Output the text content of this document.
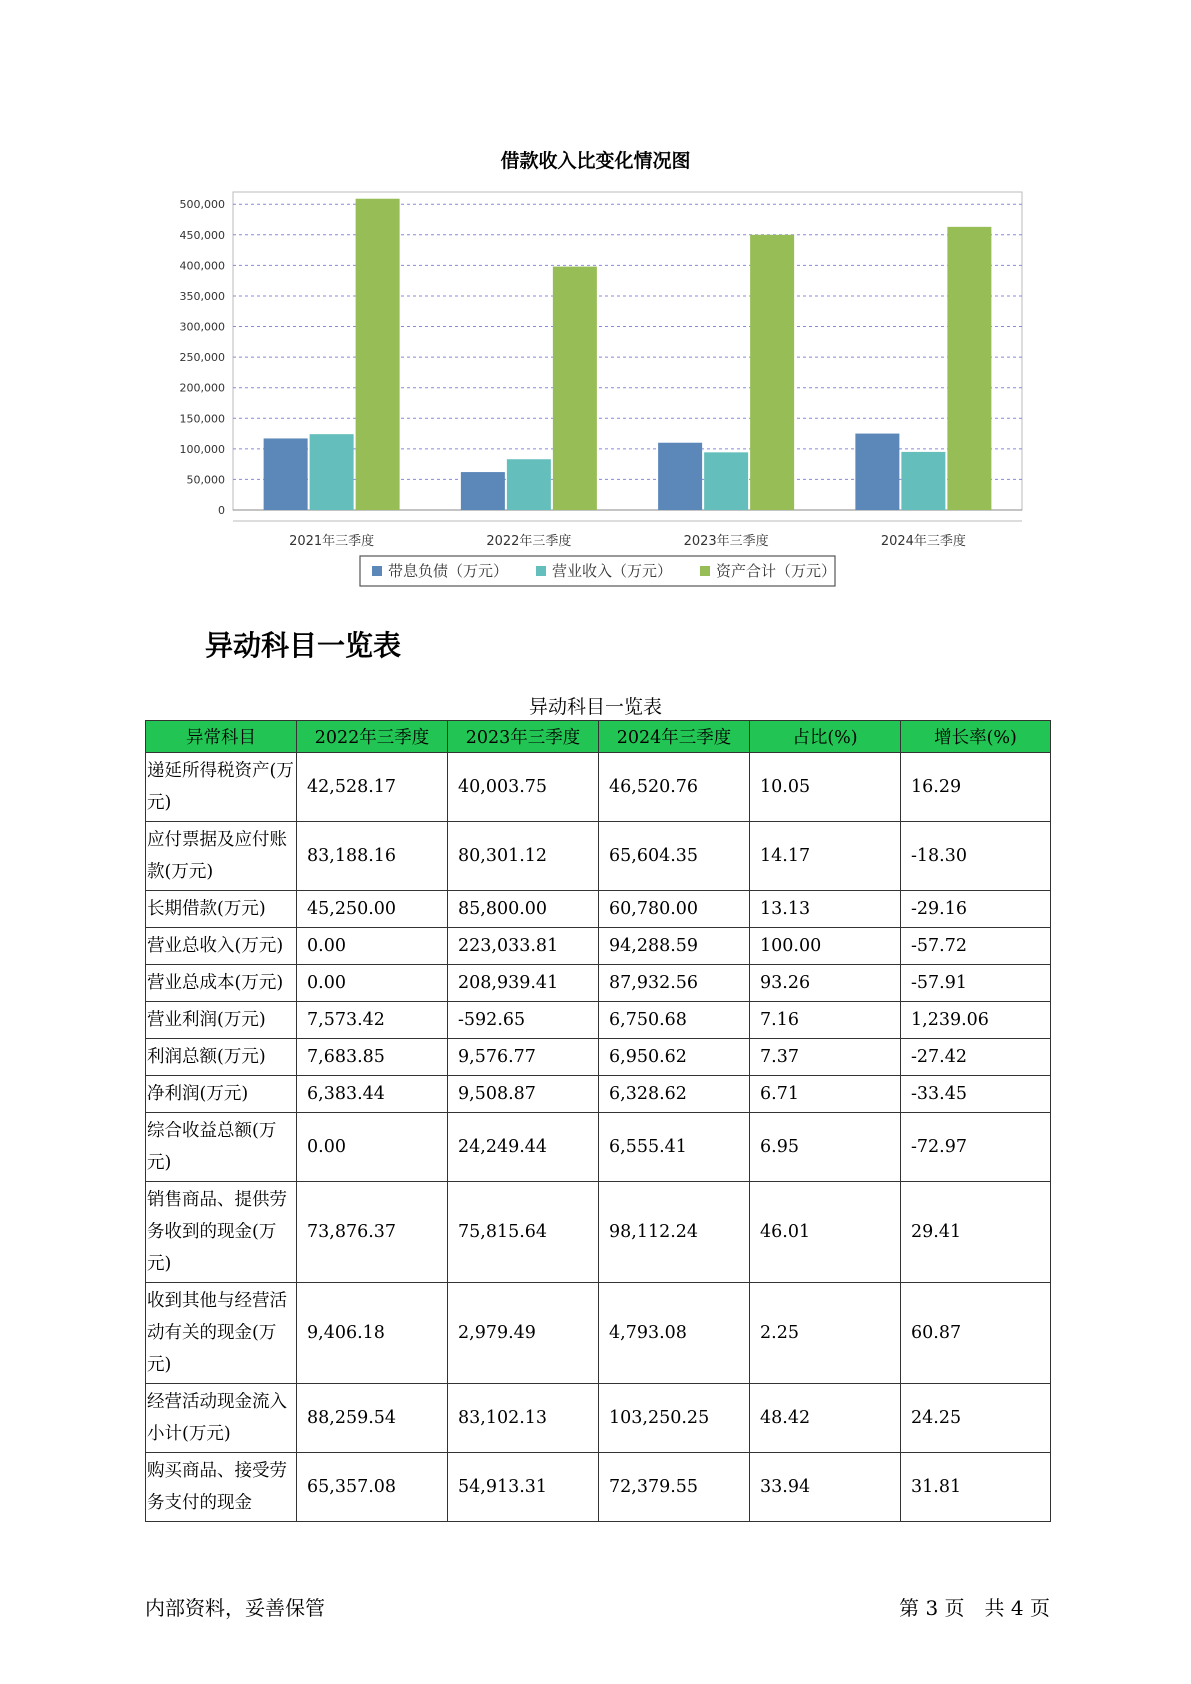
借款收入比变化情况图
0
50,000
100,000
150,000
200,000
250,000
300,000
350,000
400,000
450,000
500,000
2021年三季度	2022年三季度	2023年三季度	2024年三季度
带息负债（万元）	营业收入（万元）	资产合计（万元）
异动科目一览表
异动科目一览表
异常科目	2022年三季度	2023年三季度	2024年三季度	占比(%)	增长率(%)
递延所得税资产(万元)	42,528.17	40,003.75	46,520.76	10.05	16.29
应付票据及应付账款(万元)	83,188.16	80,301.12	65,604.35	14.17	-18.30
长期借款(万元)	45,250.00	85,800.00	60,780.00	13.13	-29.16
营业总收入(万元)	0.00	223,033.81	94,288.59	100.00	-57.72
营业总成本(万元)	0.00	208,939.41	87,932.56	93.26	-57.91
营业利润(万元)	7,573.42	-592.65	6,750.68	7.16	1,239.06
利润总额(万元)	7,683.85	9,576.77	6,950.62	7.37	-27.42
净利润(万元)	6,383.44	9,508.87	6,328.62	6.71	-33.45
综合收益总额(万元)	0.00	24,249.44	6,555.41	6.95	-72.97
销售商品、提供劳务收到的现金(万元)	73,876.37	75,815.64	98,112.24	46.01	29.41
收到其他与经营活动有关的现金(万元)	9,406.18	2,979.49	4,793.08	2.25	60.87
经营活动现金流入小计(万元)	88,259.54	83,102.13	103,250.25	48.42	24.25
购买商品、接受劳务支付的现金	65,357.08	54,913.31	72,379.55	33.94	31.81
内部资料，妥善保管	第 3 页　共 4 页
